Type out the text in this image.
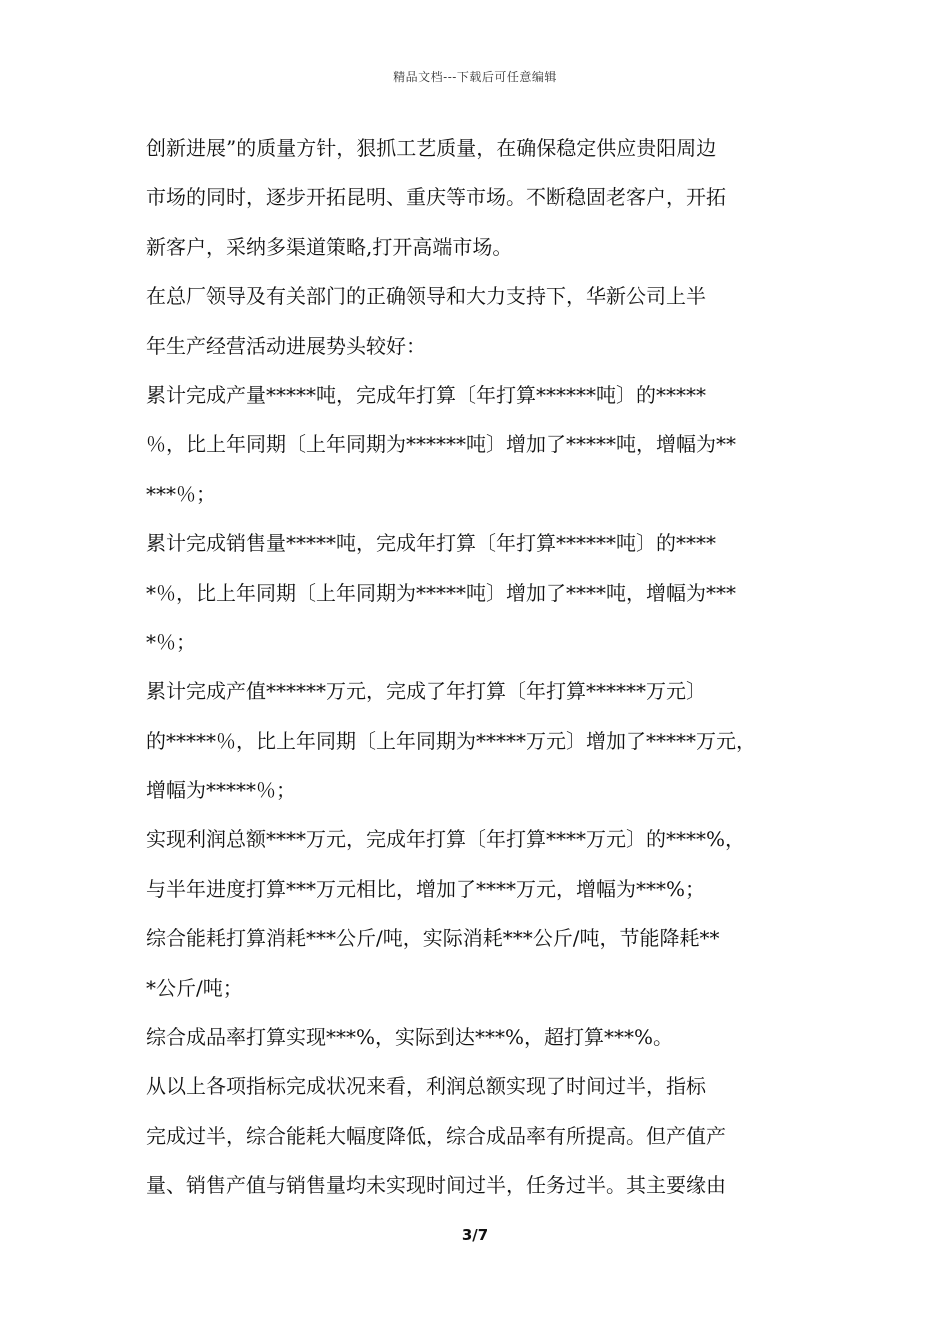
精品文档---下载后可任意编辑
创新进展”的质量方针，狠抓工艺质量，在确保稳定供应贵阳周边
市场的同时，逐步开拓昆明、重庆等市场。不断稳固老客户，开拓
新客户，采纳多渠道策略,打开高端市场。
在总厂领导及有关部门的正确领导和大力支持下，华新公司上半
年生产经营活动进展势头较好：
累计完成产量*****吨，完成年打算〔年打算******吨〕的*****
％，比上年同期〔上年同期为******吨〕增加了*****吨，增幅为**
***％；
累计完成销售量*****吨，完成年打算〔年打算******吨〕的****
*％，比上年同期〔上年同期为*****吨〕增加了****吨，增幅为***
*％；
累计完成产值******万元，完成了年打算〔年打算******万元〕
的*****％，比上年同期〔上年同期为*****万元〕增加了*****万元，
增幅为*****％；
实现利润总额****万元，完成年打算〔年打算****万元〕的****%，
与半年进度打算***万元相比，增加了****万元，增幅为***%；
综合能耗打算消耗***公斤/吨，实际消耗***公斤/吨，节能降耗**
*公斤/吨；
综合成品率打算实现***%，实际到达***%，超打算***%。
从以上各项指标完成状况来看，利润总额实现了时间过半，指标
完成过半，综合能耗大幅度降低，综合成品率有所提高。但产值产
量、销售产值与销售量均未实现时间过半，任务过半。其主要缘由
3/7
